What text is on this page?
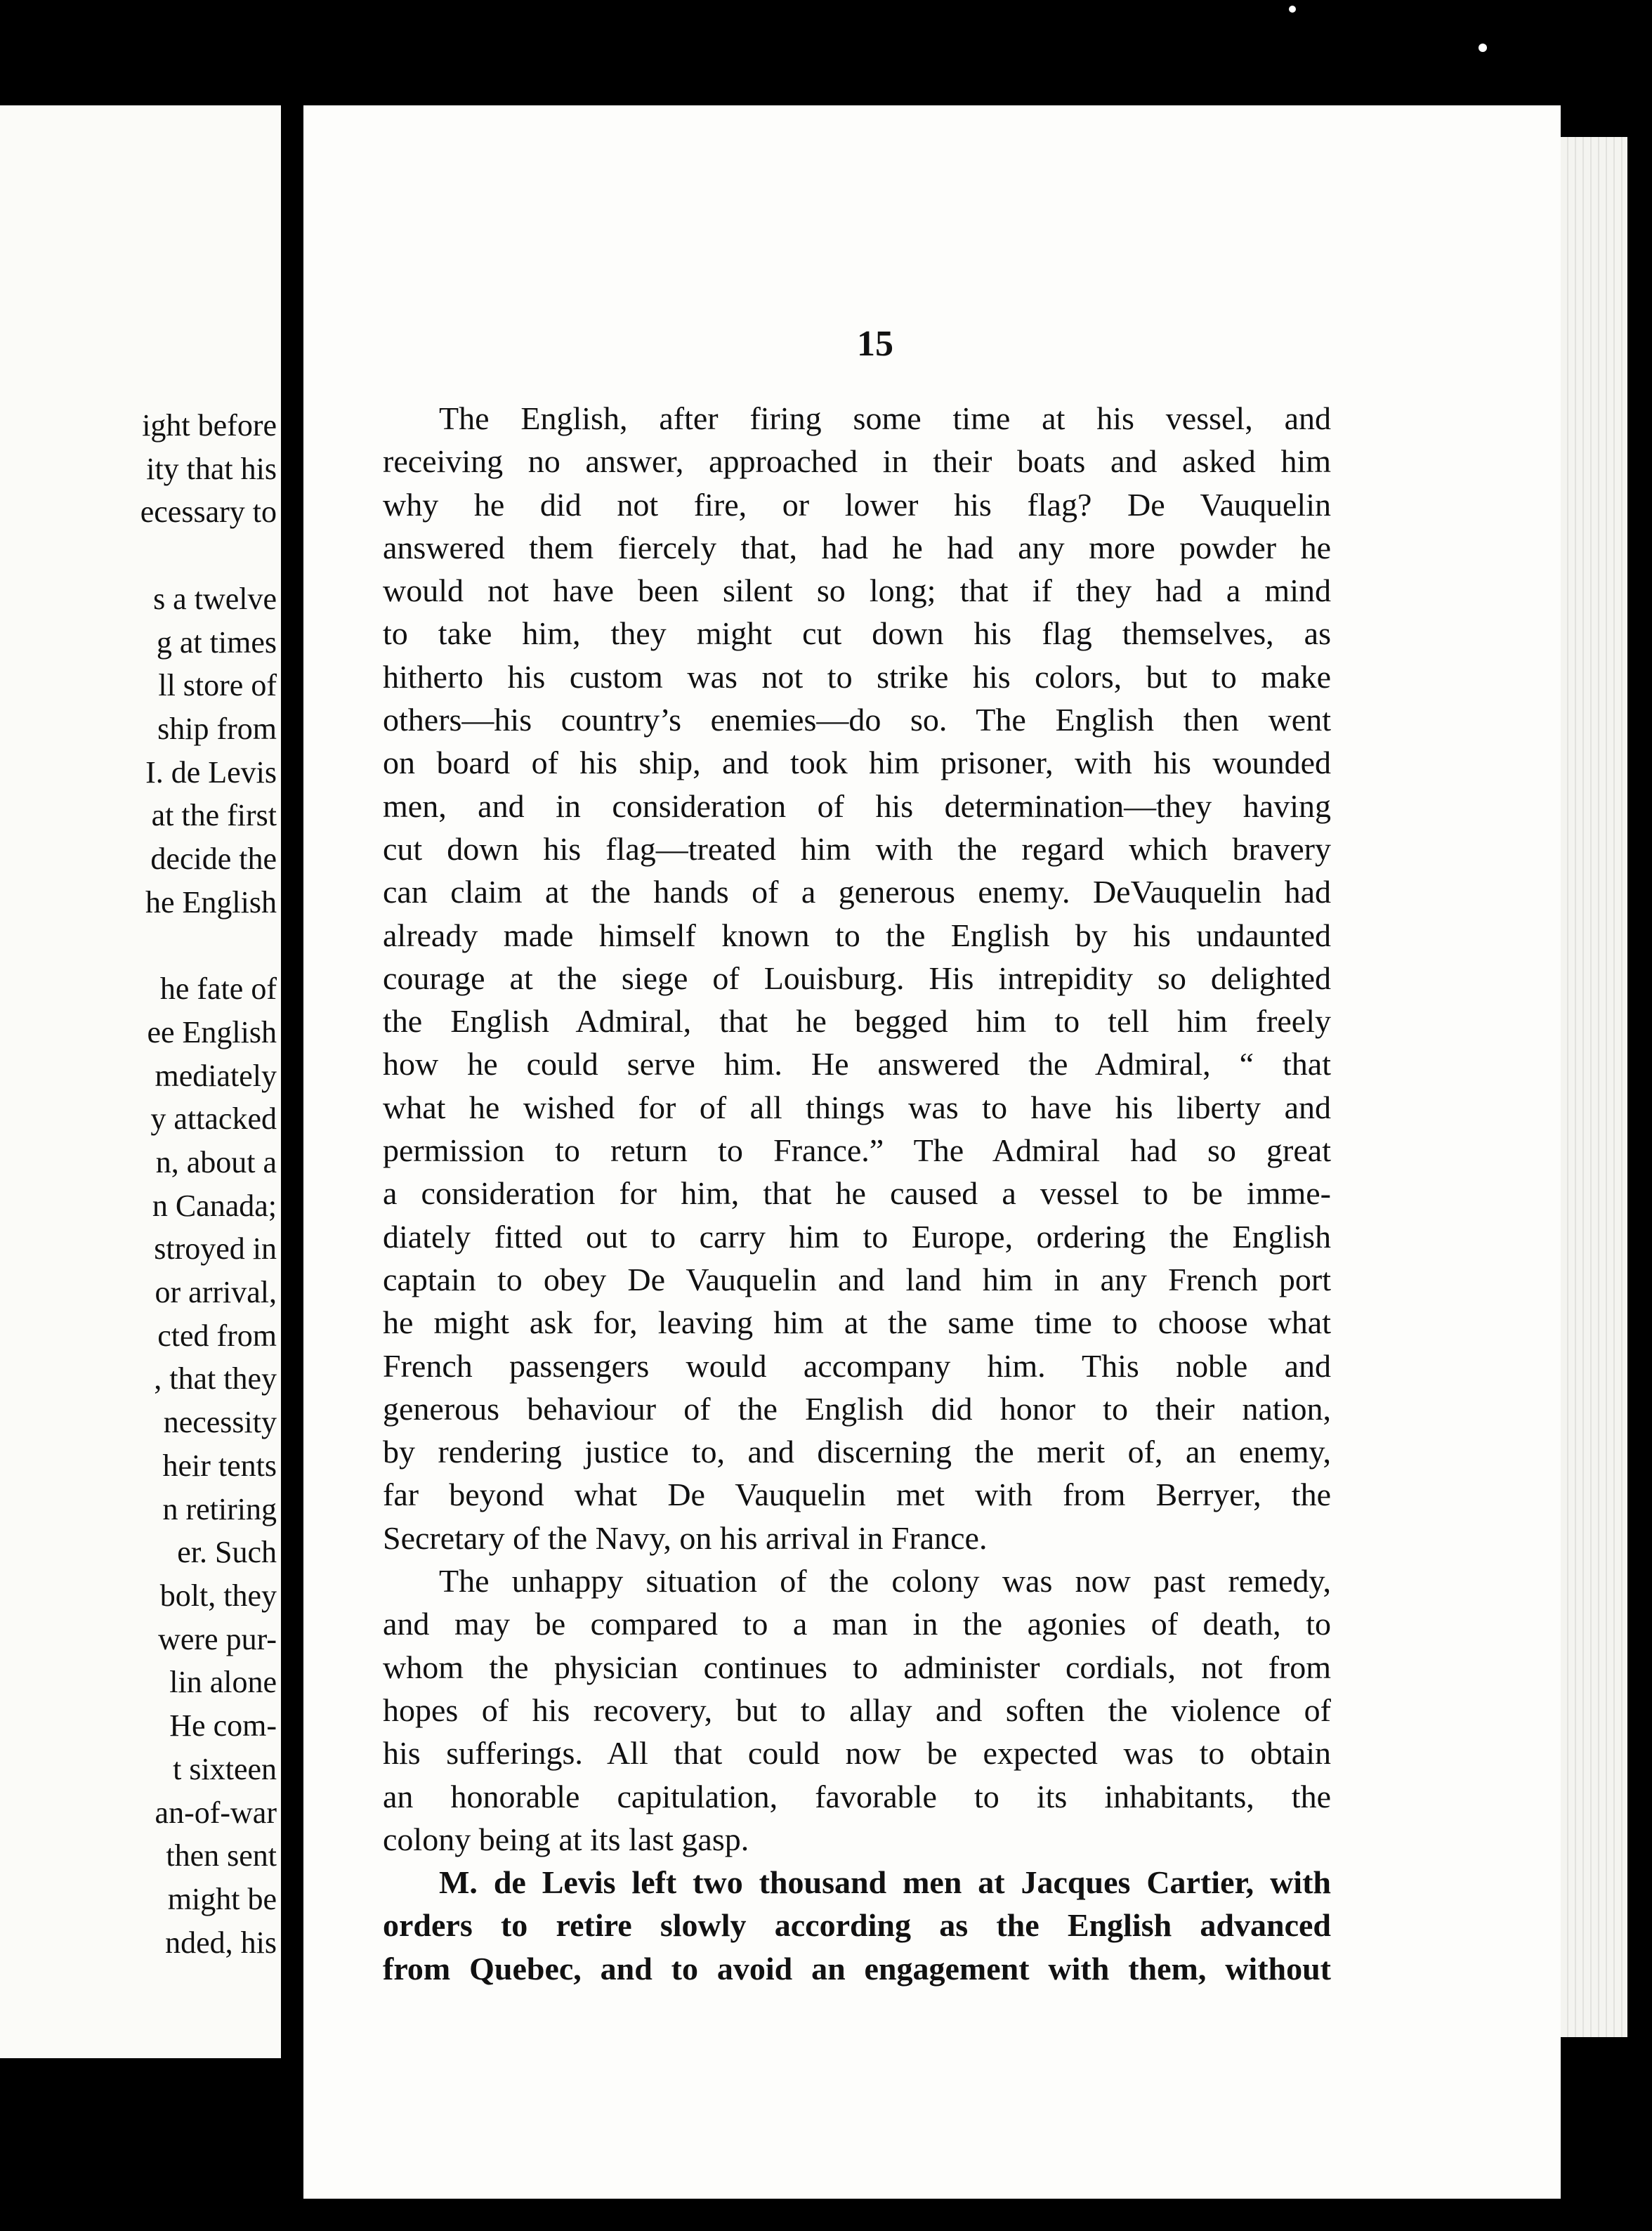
ight before
ity that his
ecessary to

s a twelve
g at times
ll store of
ship from
I. de Levis
at the first
decide the
he English

he fate of
ee English
mediately
y attacked
n, about a
n Canada;
stroyed in
or arrival,
cted from
, that they
necessity
heir tents
n retiring
er. Such
bolt, they
were pur-
lin alone
He com-
t sixteen
an-of-war
then sent
might be
nded, his
15
The English, after firing some time at his vessel, and
receiving no answer, approached in their boats and asked him
why he did not fire, or lower his flag? De Vauquelin
answered them fiercely that, had he had any more powder he
would not have been silent so long; that if they had a mind
to take him, they might cut down his flag themselves, as
hitherto his custom was not to strike his colors, but to make
others—his country’s enemies—do so. The English then went
on board of his ship, and took him prisoner, with his wounded
men, and in consideration of his determination—they having
cut down his flag—treated him with the regard which bravery
can claim at the hands of a generous enemy. DeVauquelin had
already made himself known to the English by his undaunted
courage at the siege of Louisburg. His intrepidity so delighted
the English Admiral, that he begged him to tell him freely
how he could serve him. He answered the Admiral, “ that
what he wished for of all things was to have his liberty and
permission to return to France.” The Admiral had so great
a consideration for him, that he caused a vessel to be imme-
diately fitted out to carry him to Europe, ordering the English
captain to obey De Vauquelin and land him in any French port
he might ask for, leaving him at the same time to choose what
French passengers would accompany him. This noble and
generous behaviour of the English did honor to their nation,
by rendering justice to, and discerning the merit of, an enemy,
far beyond what De Vauquelin met with from Berryer, the
Secretary of the Navy, on his arrival in France.
The unhappy situation of the colony was now past remedy,
and may be compared to a man in the agonies of death, to
whom the physician continues to administer cordials, not from
hopes of his recovery, but to allay and soften the violence of
his sufferings. All that could now be expected was to obtain
an honorable capitulation, favorable to its inhabitants, the
colony being at its last gasp.
M. de Levis left two thousand men at Jacques Cartier, with
orders to retire slowly according as the English advanced
from Quebec, and to avoid an engagement with them, without
